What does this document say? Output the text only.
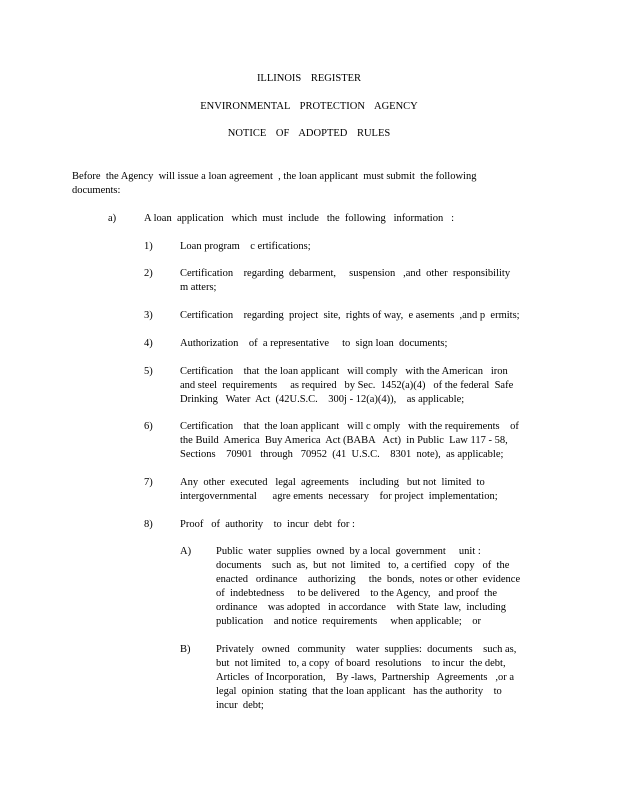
ILLINOIS REGISTER
ENVIRONMENTAL PROTECTION AGENCY
NOTICE OF ADOPTED RULES
Before  the Agency  will issue a loan agreement  , the loan applicant  must submit  the following
documents:
a)	A loan  application   which  must  include   the  following   information   :
1)	Loan program    c ertifications;
2)	Certification    regarding  debarment,     suspension   ,and  other  responsibility
m atters;
3)	Certification    regarding  project  site,  rights of way,  e asements  ,and p  ermits;
4)	Authorization    of  a representative     to  sign loan  documents;
5)	Certification    that  the loan applicant   will comply   with the American   iron
and steel  requirements     as required   by Sec.  1452(a)(4)   of the federal  Safe
Drinking   Water  Act  (42U.S.C.    300j - 12(a)(4)),    as applicable;
6)	Certification    that  the loan applicant   will c omply   with the requirements    of
the Build  America  Buy America  Act (BABA   Act)  in Public  Law 117 - 58,
Sections    70901   through   70952  (41  U.S.C.    8301  note),  as applicable;
7)	Any  other  executed   legal  agreements    including   but not  limited  to
intergovernmental      agre ements  necessary    for project  implementation;
8)	Proof   of  authority    to  incur  debt  for :
A) Public  water  supplies  owned  by a local  government     unit :
documents    such  as,  but  not  limited   to,  a certified   copy   of  the
enacted   ordinance    authorizing     the  bonds,  notes or other  evidence
of  indebtedness     to be delivered    to the Agency,   and proof  the
ordinance    was adopted   in accordance    with State  law,  including
publication    and notice  requirements     when applicable;    or
B) Privately   owned   community    water  supplies:  documents    such as,
but  not limited   to, a copy  of board  resolutions    to incur  the debt,
Articles  of Incorporation,    By -laws,  Partnership   Agreements   ,or a
legal  opinion  stating  that the loan applicant   has the authority    to
incur  debt;
